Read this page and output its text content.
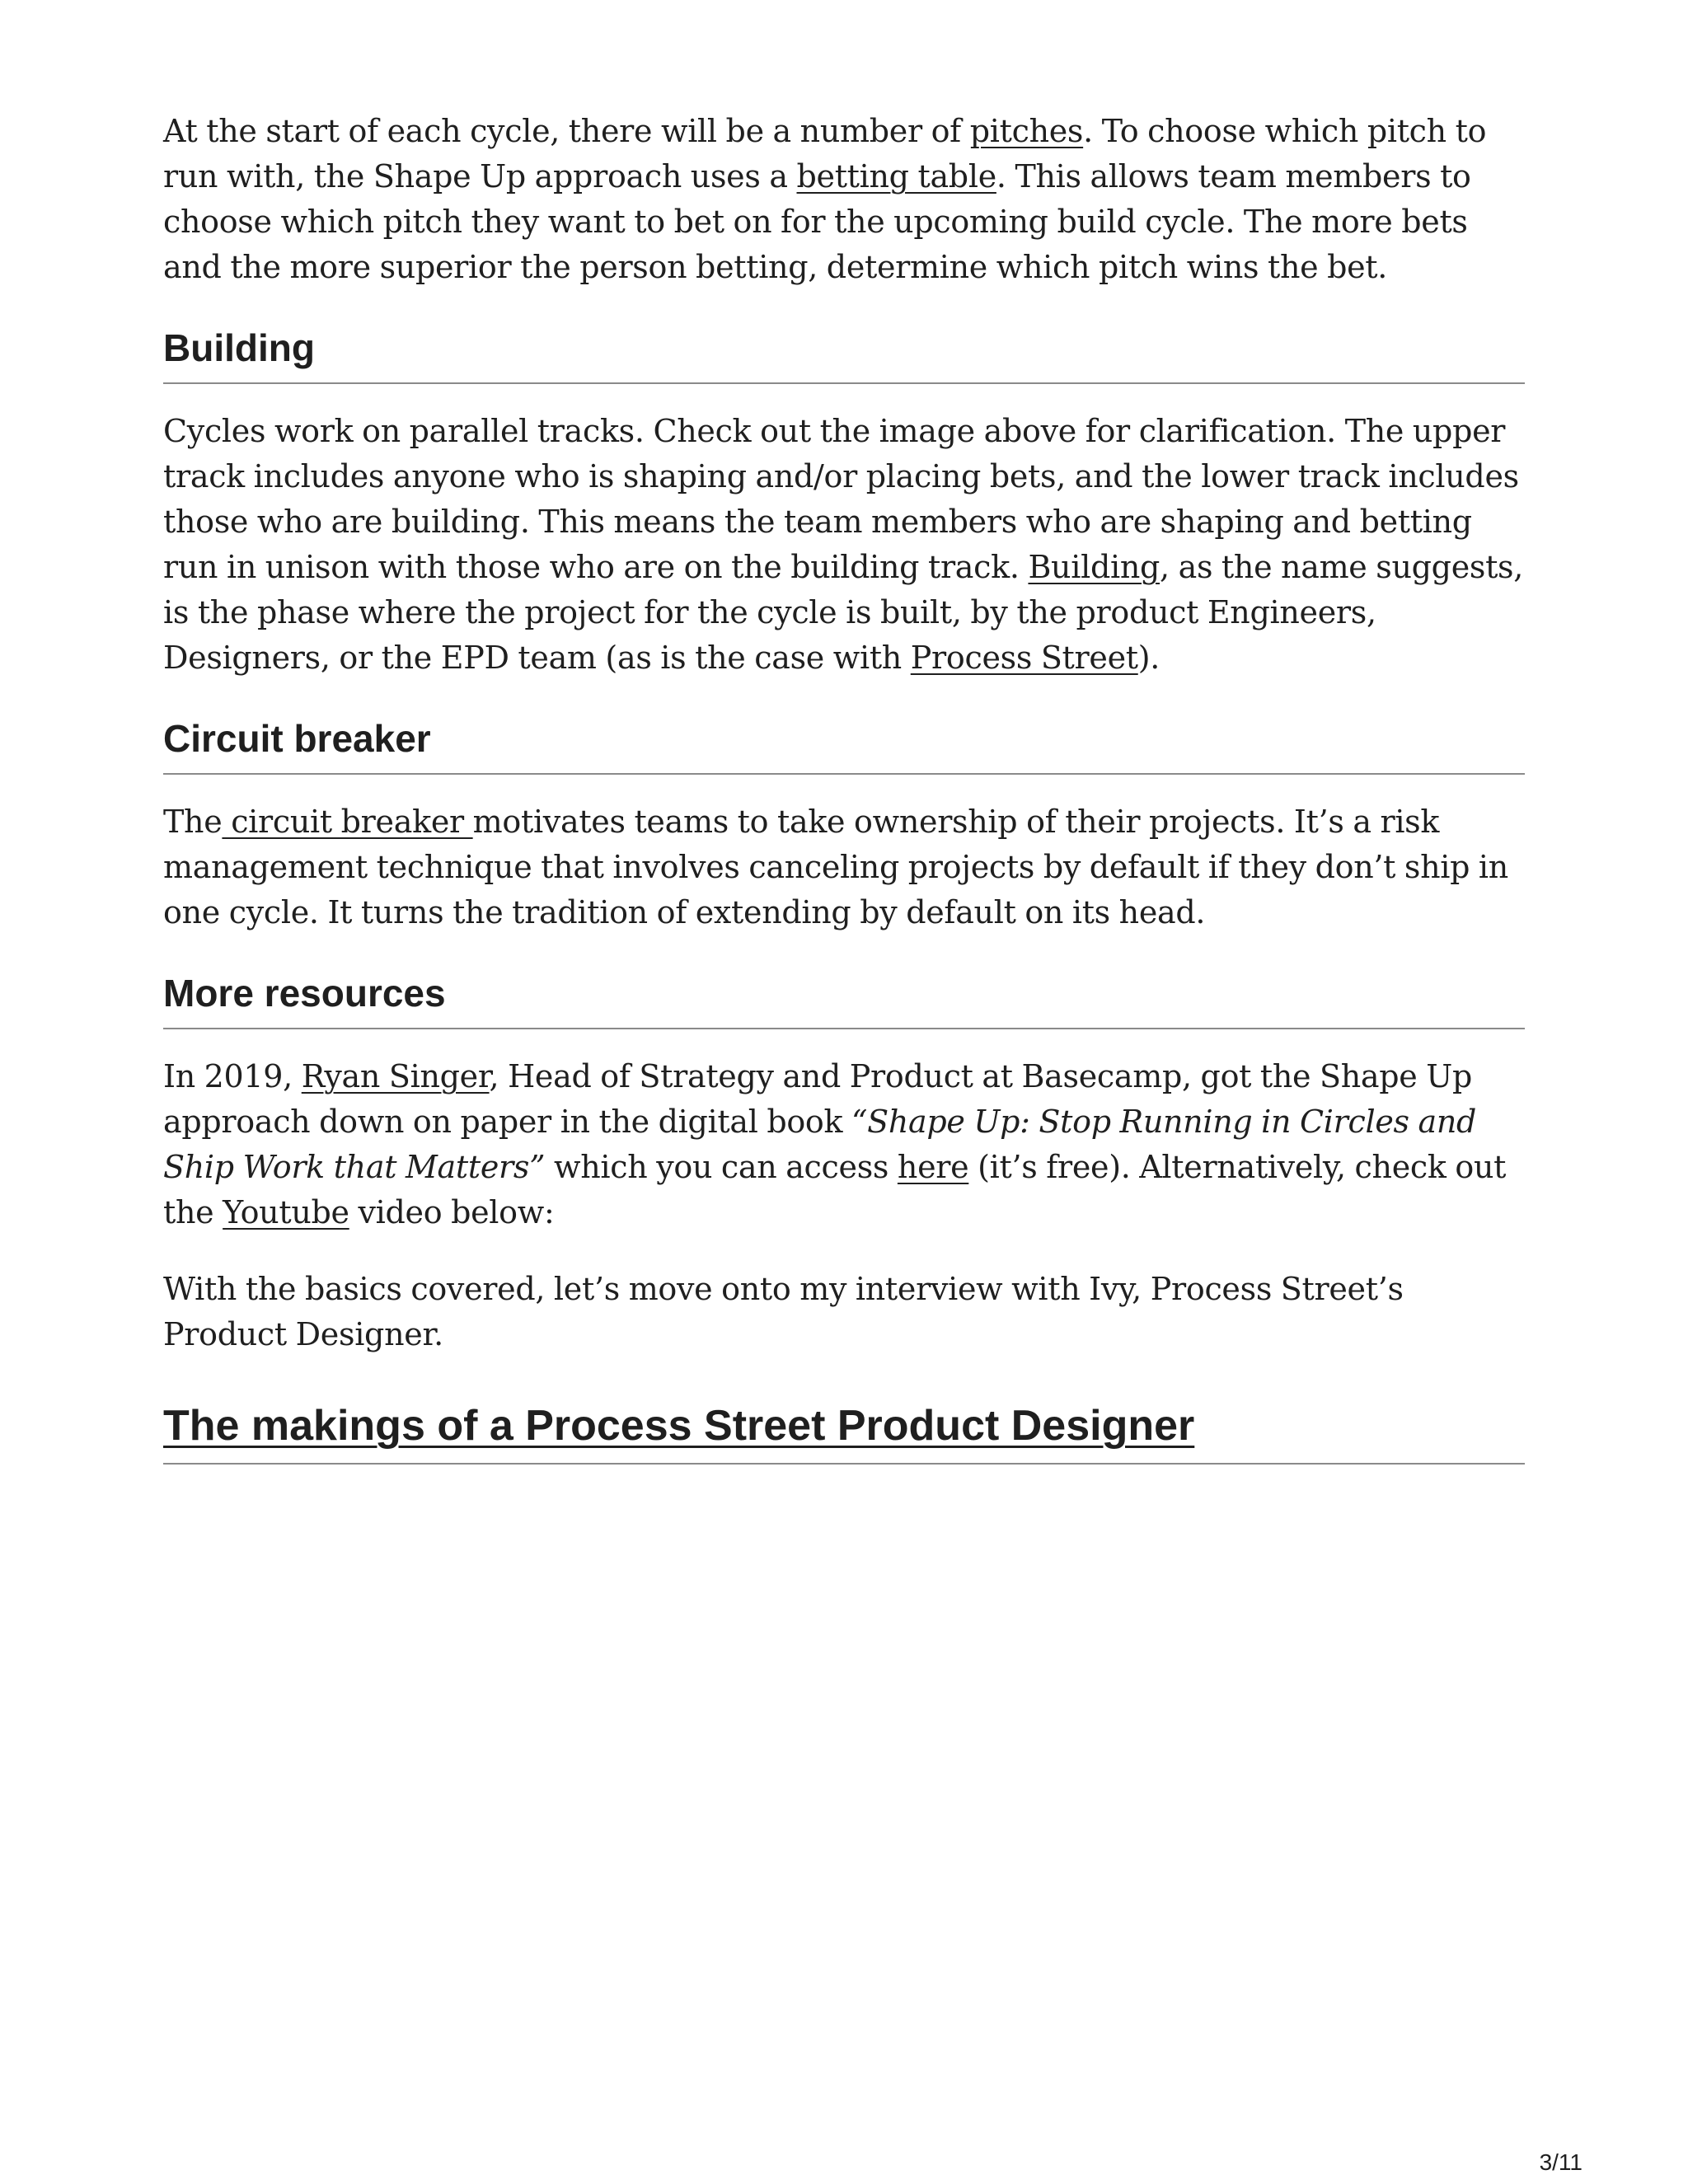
At the start of each cycle, there will be a number of pitches. To choose which pitch to run with, the Shape Up approach uses a betting table. This allows team members to choose which pitch they want to bet on for the upcoming build cycle. The more bets and the more superior the person betting, determine which pitch wins the bet.

Building

Cycles work on parallel tracks. Check out the image above for clarification. The upper track includes anyone who is shaping and/or placing bets, and the lower track includes those who are building. This means the team members who are shaping and betting run in unison with those who are on the building track. Building, as the name suggests, is the phase where the project for the cycle is built, by the product Engineers, Designers, or the EPD team (as is the case with Process Street).

Circuit breaker

The circuit breaker motivates teams to take ownership of their projects. It’s a risk management technique that involves canceling projects by default if they don’t ship in one cycle. It turns the tradition of extending by default on its head.

More resources

In 2019, Ryan Singer, Head of Strategy and Product at Basecamp, got the Shape Up approach down on paper in the digital book “Shape Up: Stop Running in Circles and Ship Work that Matters” which you can access here (it’s free). Alternatively, check out the Youtube video below:

With the basics covered, let’s move onto my interview with Ivy, Process Street’s Product Designer.

The makings of a Process Street Product Designer
3/11
